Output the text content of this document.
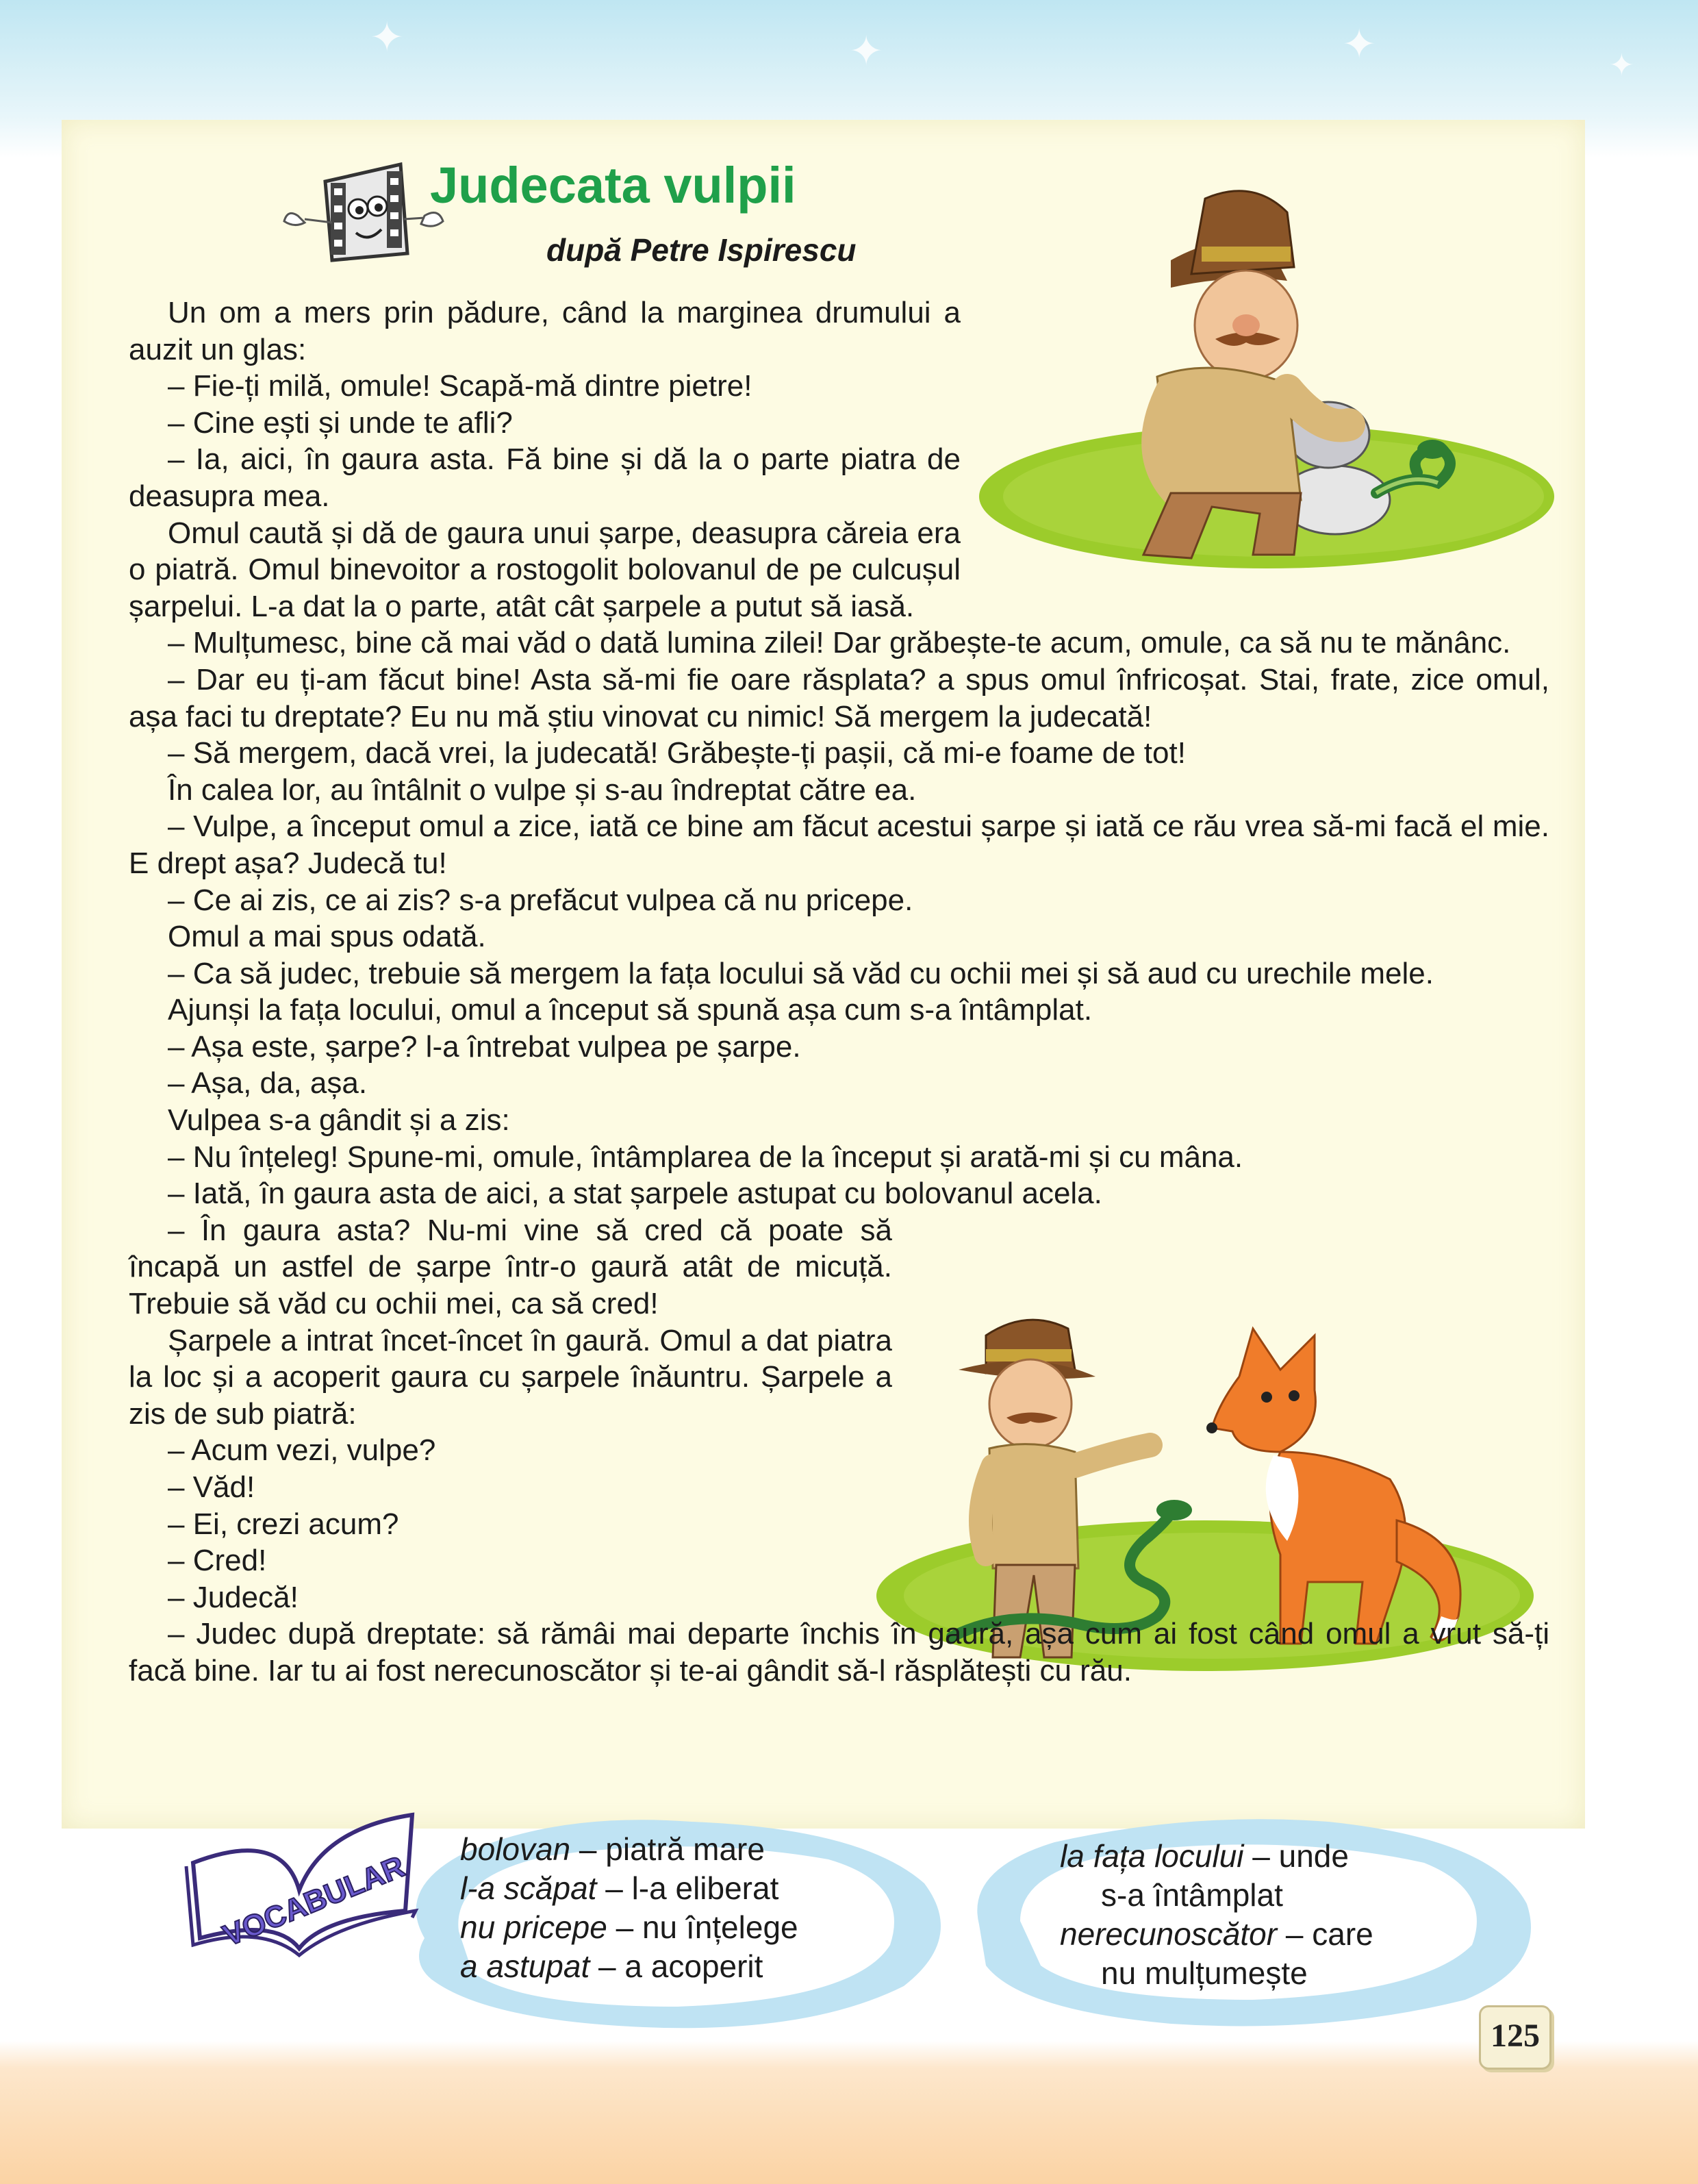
✦	✦	✦	✦
Judecata vulpii
după Petre Ispirescu

Un om a mers prin pădure, când la marginea drumului a auzit un glas:

– Fie-ți milă, omule! Scapă-mă dintre pietre!

– Cine ești și unde te afli?

– Ia, aici, în gaura asta. Fă bine și dă la o parte piatra de deasupra mea.

Omul caută și dă de gaura unui șarpe, deasupra căreia era o piatră. Omul binevoitor a rostogolit bolovanul de pe culcușul șarpelui. L-a dat la o parte, atât cât șarpele a putut să iasă.

– Mulțumesc, bine că mai văd o dată lumina zilei! Dar grăbește-te acum, omule, ca să nu te mănânc.

– Dar eu ți-am făcut bine! Asta să-mi fie oare răsplata? a spus omul înfricoșat. Stai, frate, zice omul, așa faci tu dreptate? Eu nu mă știu vinovat cu nimic! Să mergem la judecată!

– Să mergem, dacă vrei, la judecată! Grăbește-ți pașii, că mi-e foame de tot!

În calea lor, au întâlnit o vulpe și s-au îndreptat către ea.

– Vulpe, a început omul a zice, iată ce bine am făcut acestui șarpe și iată ce rău vrea să-mi facă el mie. E drept așa? Judecă tu!

– Ce ai zis, ce ai zis? s-a prefăcut vulpea că nu pricepe.

Omul a mai spus odată.

– Ca să judec, trebuie să mergem la fața locului să văd cu ochii mei și să aud cu urechile mele.

Ajunși la fața locului, omul a început să spună așa cum s-a întâmplat.

– Așa este, șarpe? l-a întrebat vulpea pe șarpe.

– Așa, da, așa.

Vulpea s-a gândit și a zis:

– Nu înțeleg! Spune-mi, omule, întâmplarea de la început și arată-mi și cu mâna.

– Iată, în gaura asta de aici, a stat șarpele astupat cu bolovanul acela.

– În gaura asta? Nu-mi vine să cred că poate să încapă un astfel de șarpe într-o gaură atât de micuță. Trebuie să văd cu ochii mei, ca să cred!

Șarpele a intrat încet-încet în gaură. Omul a dat piatra la loc și a acoperit gaura cu șarpele înăuntru. Șarpele a zis de sub piatră:

– Acum vezi, vulpe?

– Văd!

– Ei, crezi acum?

– Cred!

– Judecă!

– Judec după dreptate: să rămâi mai departe închis în gaură, așa cum ai fost când omul a vrut să-ți facă bine. Iar tu ai fost nerecunoscător și te-ai gândit să-l răsplătești cu rău.

VOCABULAR
bolovan – piatră mare
l-a scăpat – l-a eliberat
nu pricepe – nu înțelege
a astupat – a acoperit
la fața locului – unde
s-a întâmplat
nerecunoscător – care
nu mulțumește
125
